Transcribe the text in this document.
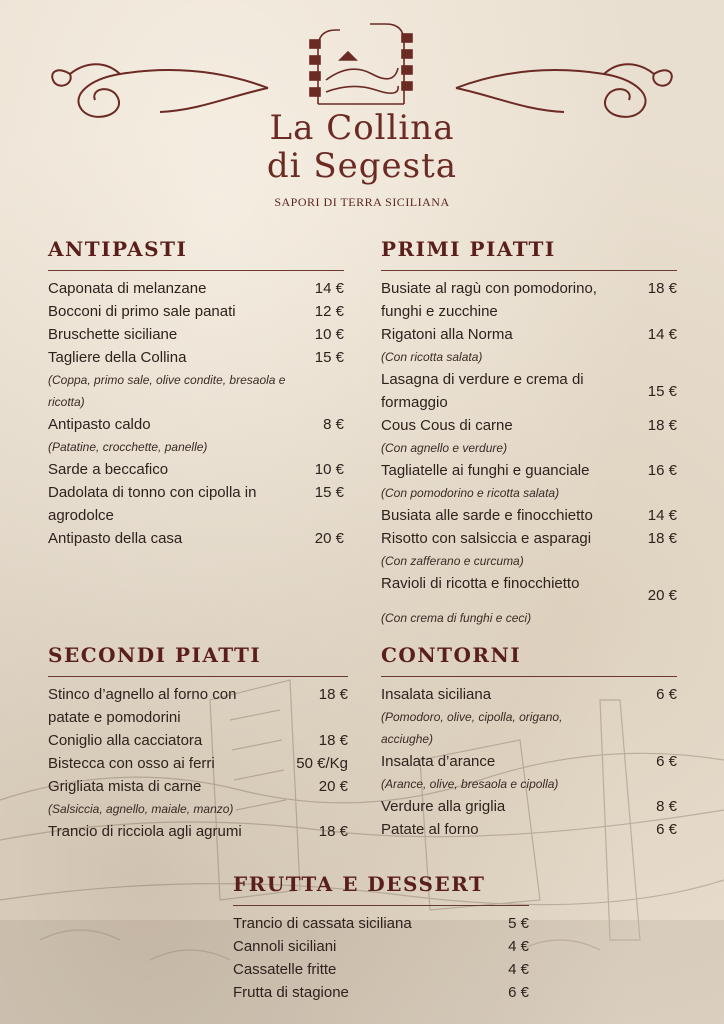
La Collina
di Segesta
SAPORI DI TERRA SICILIANA
ANTIPASTI
Caponata di melanzane	14 €
Bocconi di primo sale panati	12 €
Bruschette siciliane	10 €
Tagliere della Collina	15 €
(Coppa, primo sale, olive condite, bresaola e ricotta)
Antipasto caldo	8 €
(Patatine, crocchette, panelle)
Sarde a beccafico	10 €
Dadolata di tonno con cipolla in agrodolce
15 €
Antipasto della casa	20 €
PRIMI PIATTI
Busiate al ragù con pomodorino, funghi e zucchine
18 €
Rigatoni alla Norma	14 €
(Con ricotta salata)
Lasagna di verdure e crema di formaggio
15 €
Cous Cous di carne	18 €
(Con agnello e verdure)
Tagliatelle ai funghi e guanciale	16 €
(Con pomodorino e ricotta salata)
Busiata alle sarde e finocchietto	14 €
Risotto con salsiccia e asparagi	18 €
(Con zafferano e curcuma)
Ravioli di ricotta e finocchietto
20 €
(Con crema di funghi e ceci)
SECONDI PIATTI
Stinco d’agnello al forno con patate e pomodorini
18 €
Coniglio alla cacciatora	18 €
Bistecca con osso ai ferri	50 €/Kg
Grigliata mista di carne	20 €
(Salsiccia, agnello, maiale, manzo)
Trancio di ricciola agli agrumi	18 €
CONTORNI
Insalata siciliana	6 €
(Pomodoro, olive, cipolla, origano, acciughe)
Insalata d’arance	6 €
(Arance, olive, bresaola e cipolla)
Verdure alla griglia	8 €
Patate al forno	6 €
FRUTTA E DESSERT
Trancio di cassata siciliana	5 €
Cannoli siciliani	4 €
Cassatelle fritte	4 €
Frutta di stagione	6 €
